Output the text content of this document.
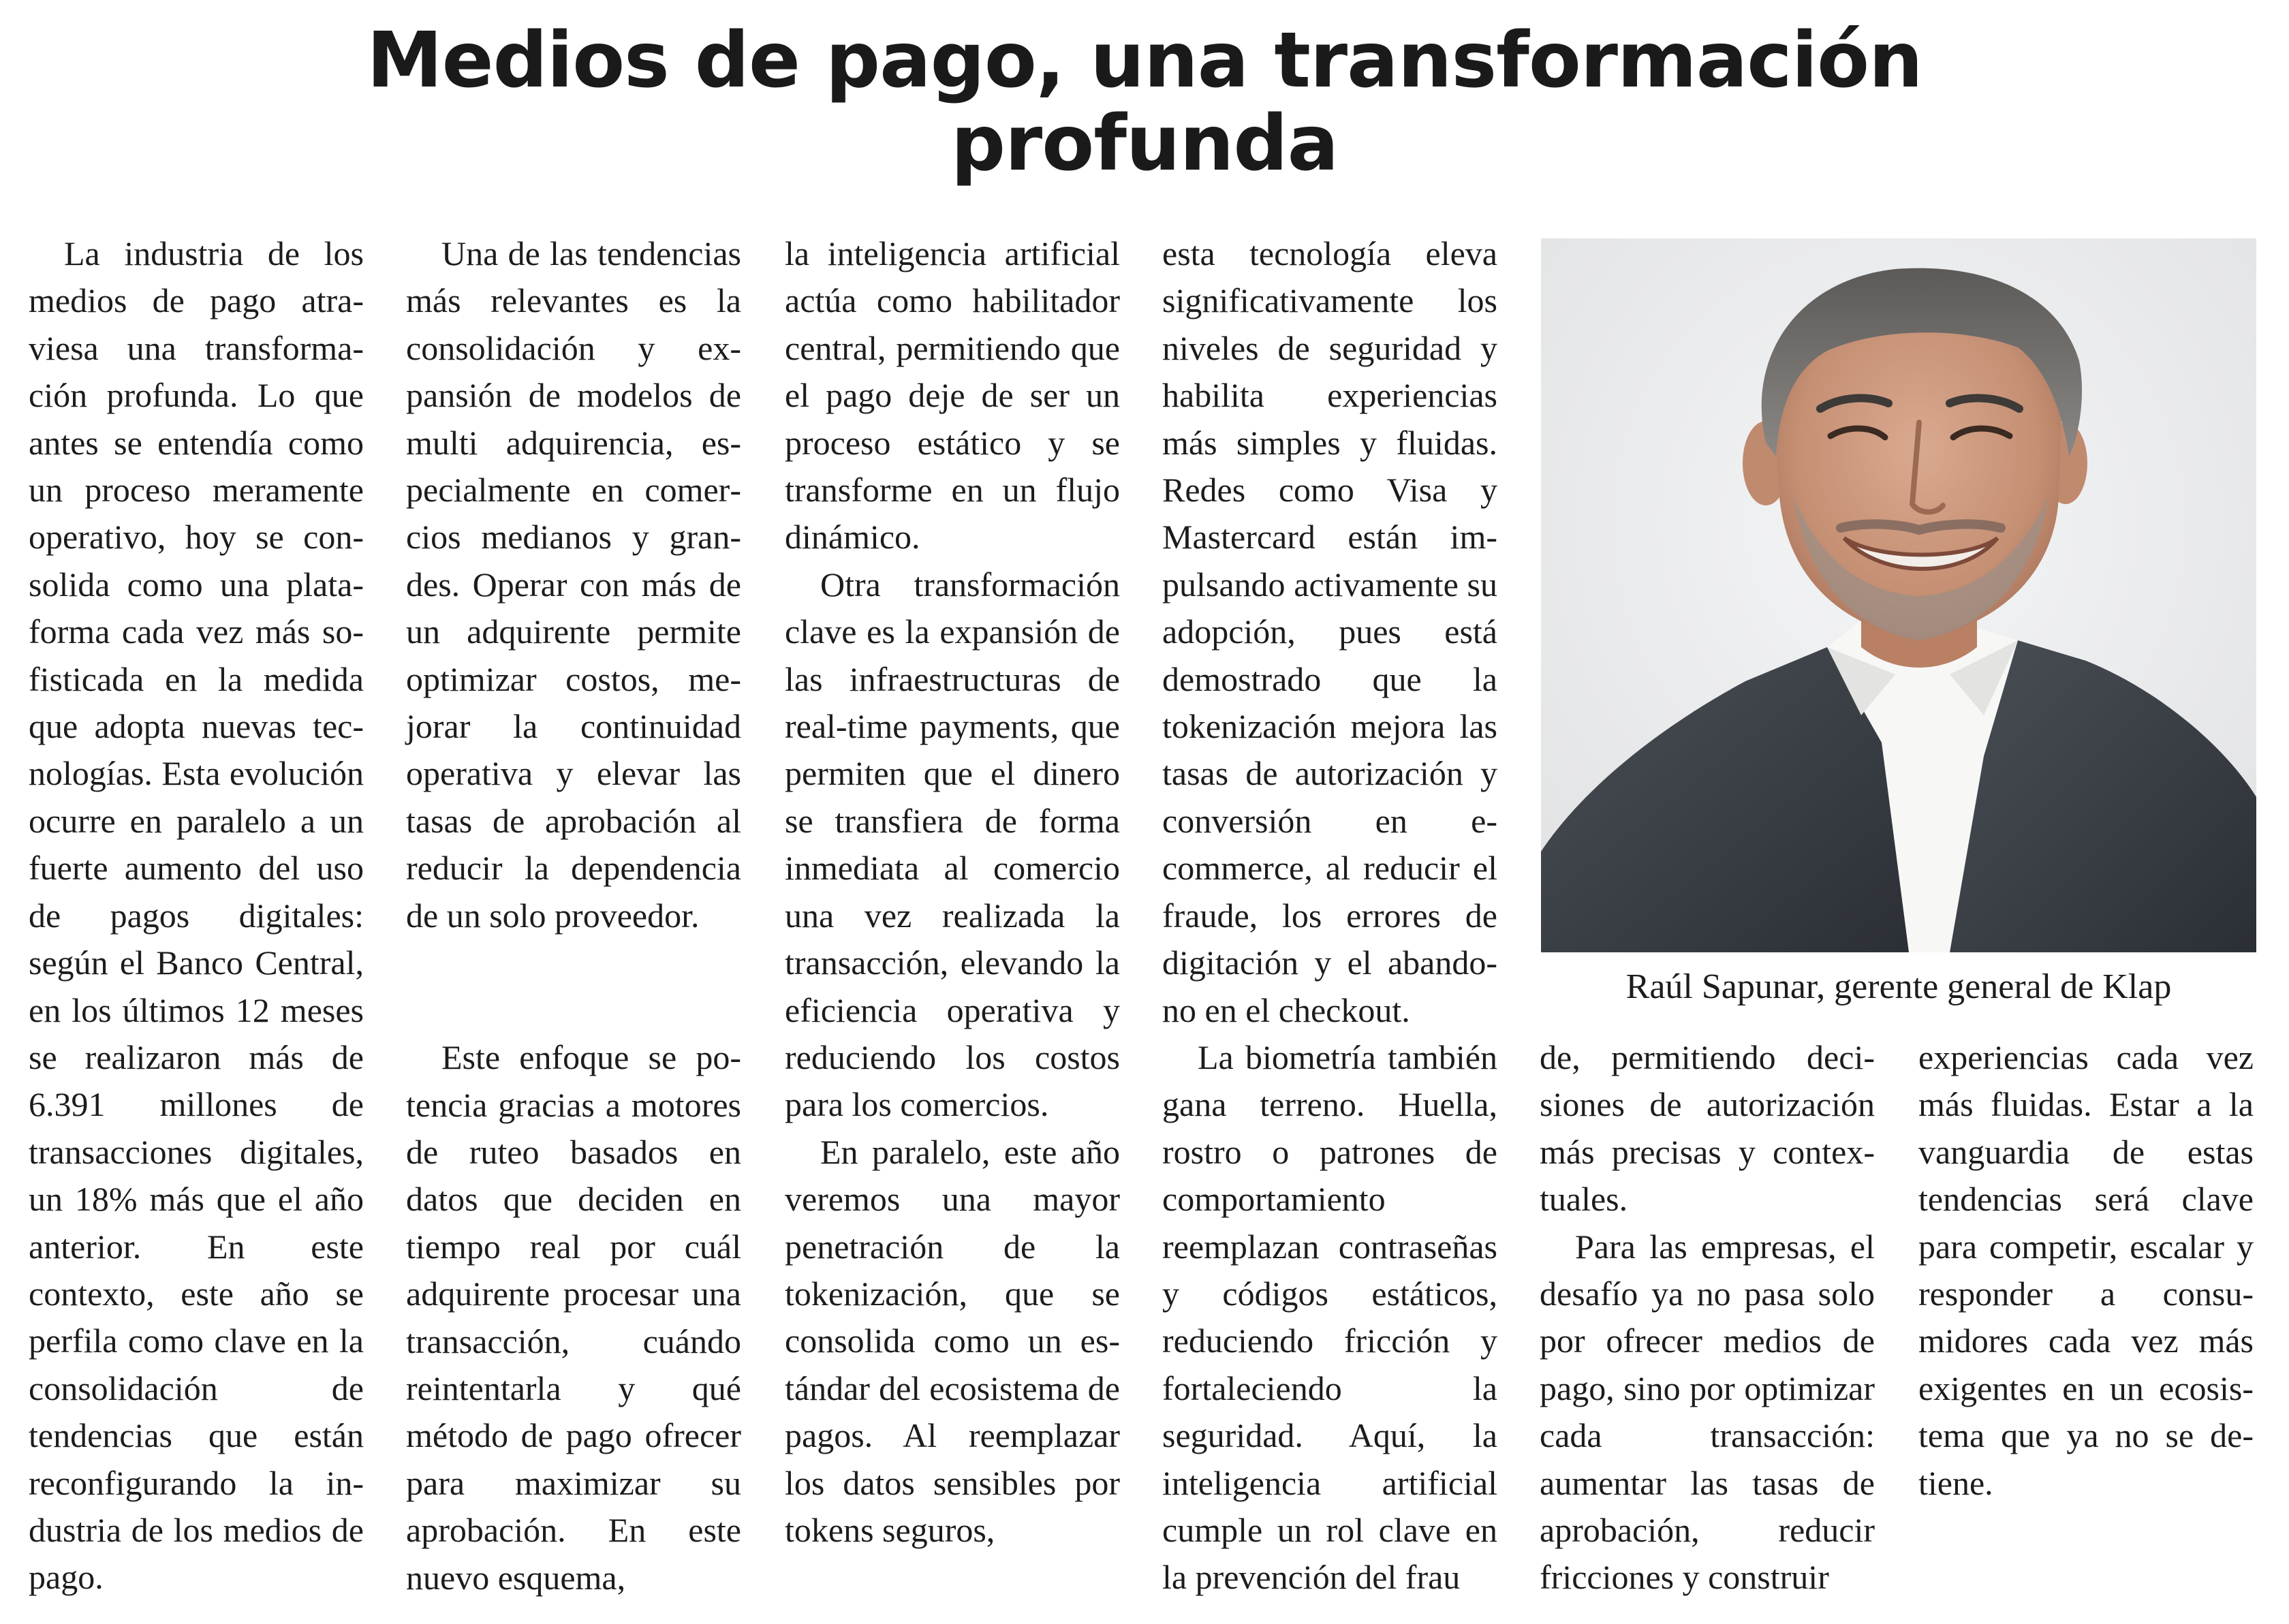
Medios de pago, una transformación
profunda

La industria de los medios de pago atraviesa una transformación profunda. Lo que antes se entendía como un proceso meramente operativo, hoy se consolida como una plataforma cada vez más sofisticada en la medida que adopta nuevas tecnologías. Esta evolución ocurre en paralelo a un fuerte aumento del uso de pagos digitales: según el Banco Central, en los últimos 12 meses se realizaron más de 6.391 millones de transacciones digitales, un 18% más que el año anterior. En este contexto, este año se perfila como clave en la consolidación de tendencias que están reconfigurando la industria de los medios de pago.

Una de las tendencias más relevantes es la consolidación y expansión de modelos de multi adquirencia, especialmente en comercios medianos y grandes. Operar con más de un adquirente permite optimizar costos, mejorar la continuidad operativa y elevar las tasas de aprobación al reducir la dependencia de un solo proveedor.

Este enfoque se potencia gracias a motores de ruteo basados en datos que deciden en tiempo real por cuál adquirente procesar una transacción, cuándo reintentarla y qué método de pago ofrecer para maximizar su aprobación. En este nuevo esquema,

la inteligencia artificial actúa como habilitador central, permitiendo que el pago deje de ser un proceso estático y se transforme en un flujo dinámico.

Otra transformación clave es la expansión de las infraestructuras de real-time payments, que permiten que el dinero se transfiera de forma inmediata al comercio una vez realizada la transacción, elevando la eficiencia operativa y reduciendo los costos para los comercios.

En paralelo, este año veremos una mayor penetración de la tokenización, que se consolida como un estándar del ecosistema de pagos. Al reemplazar los datos sensibles por tokens seguros,

esta tecnología eleva significativamente los niveles de seguridad y habilita experiencias más simples y fluidas. Redes como Visa y Mastercard están impulsando activamente su adopción, pues está demostrado que la tokenización mejora las tasas de autorización y conversión en e-commerce, al reducir el fraude, los errores de digitación y el abandono en el checkout.

La biometría también gana terreno. Huella, rostro o patrones de comportamiento reemplazan contraseñas y códigos estáticos, reduciendo fricción y fortaleciendo la seguridad. Aquí, la inteligencia artificial cumple un rol clave en la prevención del frau

Raúl Sapunar, gerente general de Klap

de, permitiendo decisiones de autorización más precisas y contextuales.

Para las empresas, el desafío ya no pasa solo por ofrecer medios de pago, sino por optimizar cada transacción: aumentar las tasas de aprobación, reducir fricciones y construir

experiencias cada vez más fluidas. Estar a la vanguardia de estas tendencias será clave para competir, escalar y responder a consumidores cada vez más exigentes en un ecosistema que ya no se detiene.
